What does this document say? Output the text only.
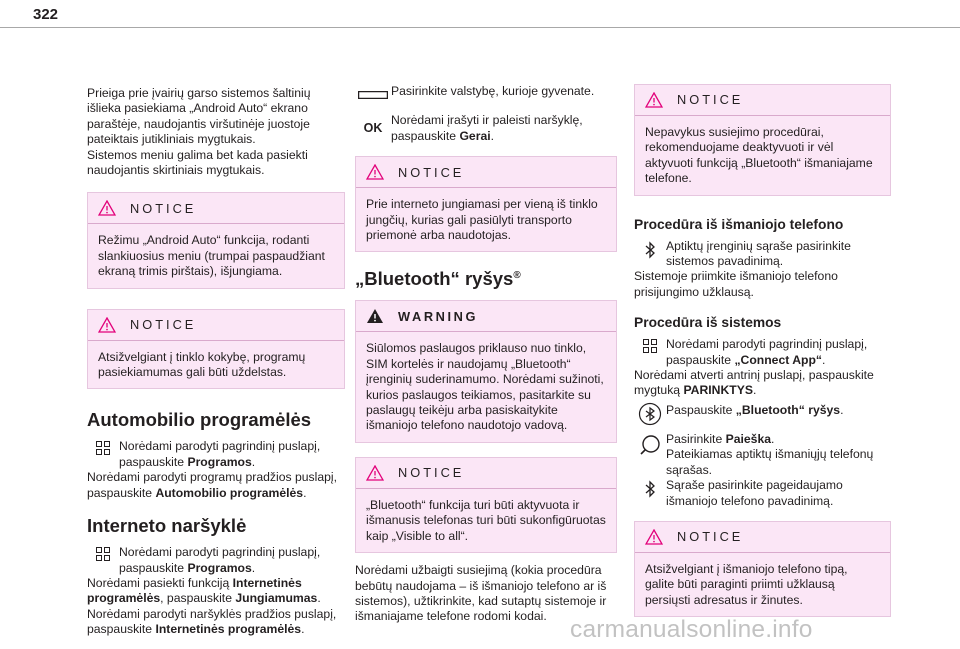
322

Prieiga prie įvairių garso sistemos šaltinių išlieka pasiekiama „Android Auto“ ekrano paraštėje, naudojantis viršutinėje juostoje pateiktais jutikliniais mygtukais.

Sistemos meniu galima bet kada pasiekti naudojantis skirtiniais mygtukais.

NOTICE

Režimu „Android Auto“ funkcija, rodanti slankiuosius meniu (trumpai paspaudžiant ekraną trimis pirštais), išjungiama.

NOTICE

Atsižvelgiant į tinklo kokybę, programų pasiekiamumas gali būti uždelstas.

Automobilio programėlės
Norėdami parodyti pagrindinį puslapį, paspauskite Programos.

Norėdami parodyti programų pradžios puslapį, paspauskite Automobilio programėlės.

Interneto naršyklė
Norėdami parodyti pagrindinį puslapį, paspauskite Programos.

Norėdami pasiekti funkciją Internetinės programėlės, paspauskite Jungiamumas.

Norėdami parodyti naršyklės pradžios puslapį, paspauskite Internetinės programėlės.

Pasirinkite valstybę, kurioje gyvenate.
OK
Norėdami įrašyti ir paleisti naršyklę, paspauskite Gerai.
NOTICE

Prie interneto jungiamasi per vieną iš tinklo jungčių, kurias gali pasiūlyti transporto priemonė arba naudotojas.

„Bluetooth“ ryšys®
WARNING

Siūlomos paslaugos priklauso nuo tinklo, SIM kortelės ir naudojamų „Bluetooth“ įrenginių suderinamumo. Norėdami sužinoti, kurios paslaugos teikiamos, pasitarkite su paslaugų teikėju arba pasiskaitykite išmaniojo telefono naudotojo vadovą.

NOTICE

„Bluetooth“ funkcija turi būti aktyvuota ir išmanusis telefonas turi būti sukonfigūruotas kaip „Visible to all“.

Norėdami užbaigti susiejimą (kokia procedūra bebūtų naudojama – iš išmaniojo telefono ar iš sistemos), užtikrinkite, kad sutaptų sistemoje ir išmaniajame telefone rodomi kodai.

NOTICE

Nepavykus susiejimo procedūrai, rekomenduojame deaktyvuoti ir vėl aktyvuoti funkciją „Bluetooth“ išmaniajame telefone.

Procedūra iš išmaniojo telefono
Aptiktų įrenginių sąraše pasirinkite sistemos pavadinimą.

Sistemoje priimkite išmaniojo telefono prisijungimo užklausą.

Procedūra iš sistemos
Norėdami parodyti pagrindinį puslapį, paspauskite „Connect App“.

Norėdami atverti antrinį puslapį, paspauskite mygtuką PARINKTYS.

Paspauskite „Bluetooth“ ryšys.
Pasirinkite Paieška.
Pateikiamas aptiktų išmaniųjų telefonų sąrašas.
Sąraše pasirinkite pageidaujamo išmaniojo telefono pavadinimą.
NOTICE

Atsižvelgiant į išmaniojo telefono tipą, galite būti paraginti priimti užklausą persiųsti adresatus ir žinutes.

carmanualsonline.info
